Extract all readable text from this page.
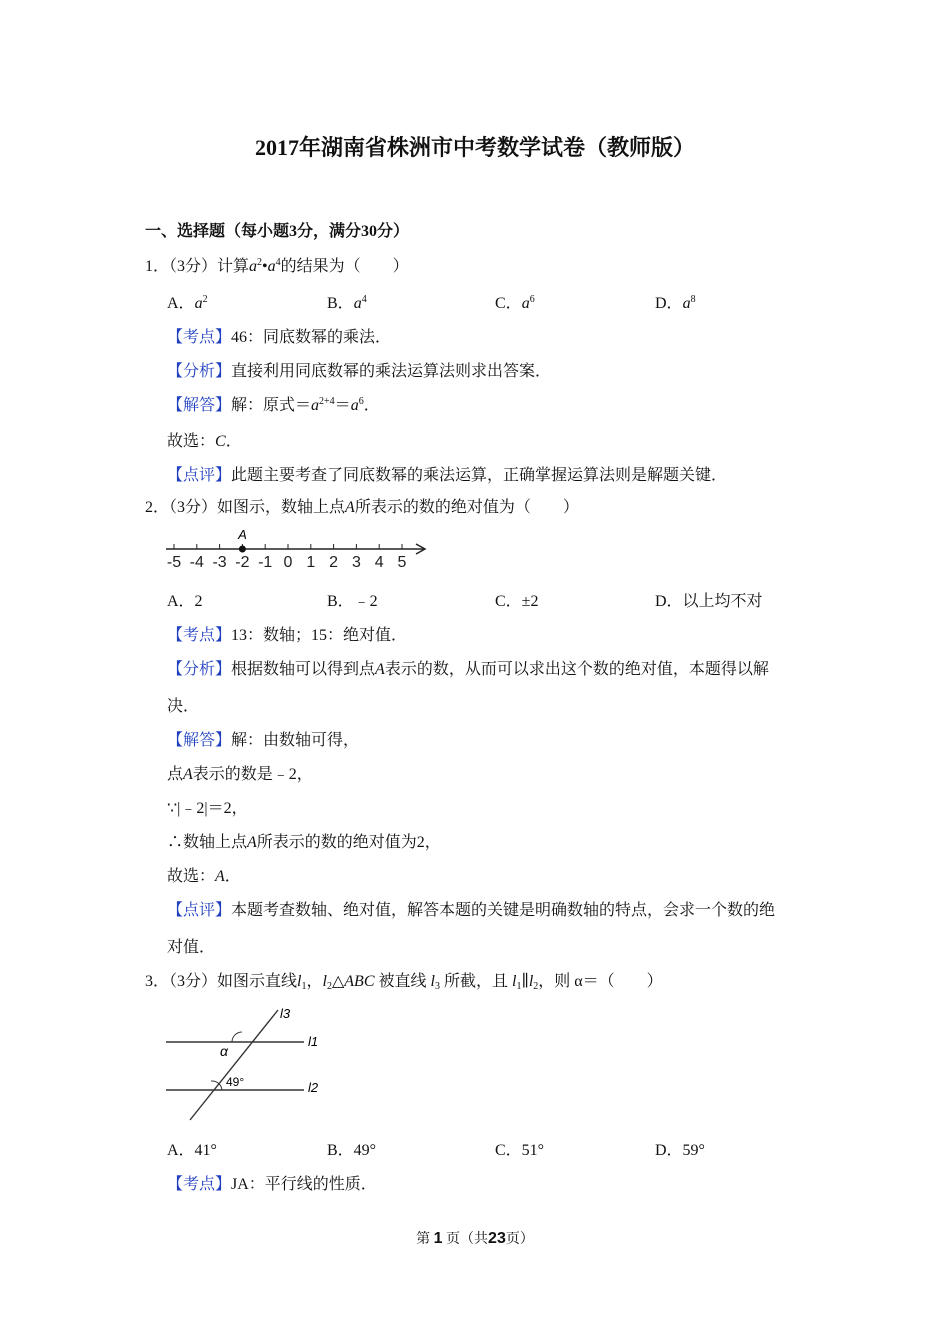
2017年湖南省株洲市中考数学试卷（教师版）
一、选择题（每小题3分，满分30分）
1．（3分）计算$a^2•a^4$的结果为（　　）
A．$a^2$	B．$a^4$	C．$a^6$	D．$a^8$
【考点】46：同底数幂的乘法．
【分析】直接利用同底数幂的乘法运算法则求出答案．
【解答】解：原式$=a^{2+4}=a^6$．
故选：C．
【点评】此题主要考查了同底数幂的乘法运算，正确掌握运算法则是解题关键．
2．（3分）如图示，数轴上点A所表示的数的绝对值为（　　）
-5 -4 -3 -2 -1 0 1 2 3 4 5
A
A．2	B．﹣2	C．±2	D．以上均不对
【考点】13：数轴；15：绝对值．
【分析】根据数轴可以得到点A表示的数，从而可以求出这个数的绝对值，本题得以解
决．
【解答】解：由数轴可得，
点A表示的数是﹣2，
∵|﹣2|＝2，
∴数轴上点A所表示的数的绝对值为2，
故选：A．
【点评】本题考查数轴、绝对值，解答本题的关键是明确数轴的特点，会求一个数的绝
对值．
3．（3分）如图示直线$l_1$，$l_2\triangle ABC$ 被直线 $l_3$ 所截，且 $l_1\parallel l_2$，则 α＝（　　）
l3
l1
l2
α
49°
A．41°	B．49°	C．51°	D．59°
【考点】JA：平行线的性质．
第 1 页（共23页）
